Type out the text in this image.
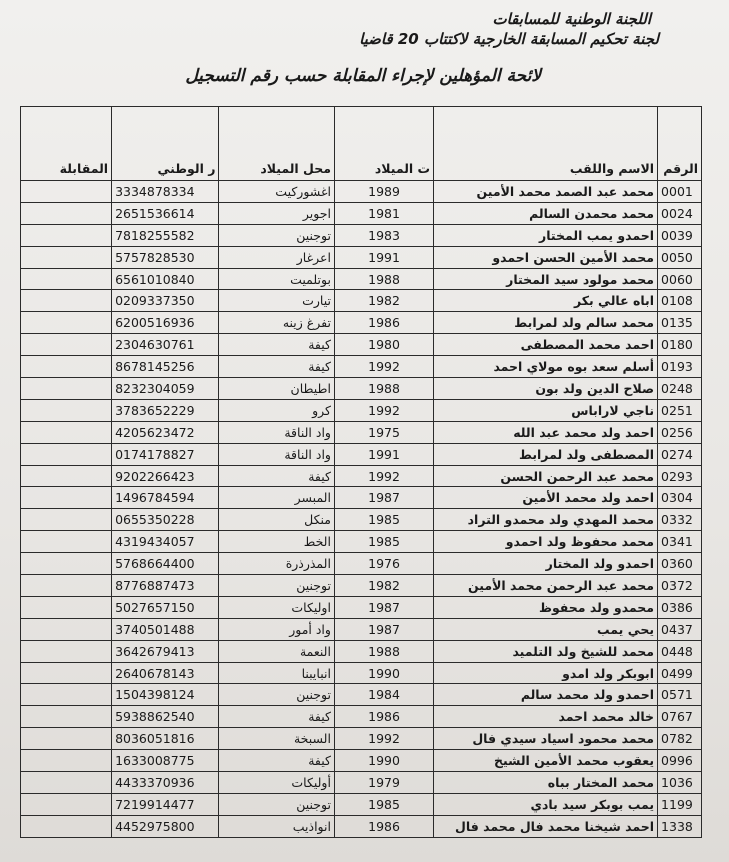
اللجنة الوطنية للمسابقات
لجنة تحكيم المسابقة الخارجية لاكتتاب 20 قاضيا
لائحة المؤهلين لإجراء المقابلة حسب رقم التسجيل
الرقم	الاسم واللقب	ت الميلاد	محل الميلاد	ر الوطني	المقابلة
0001	محمد عبد الصمد محمد الأمين	1989	اغشوركيت	3334878334	
0024	محمد محمدن السالم	1981	اجوير	2651536614	
0039	احمدو يمب المختار	1983	توجنين	7818255582	
0050	محمد الأمين الحسن احمدو	1991	اعرغار	5757828530	
0060	محمد مولود سيد المختار	1988	بوتلميت	6561010840	
0108	اباه عالي بكر	1982	تيارت	0209337350	
0135	محمد سالم ولد لمرابط	1986	تفرغ زينه	6200516936	
0180	احمد محمد المصطفى	1980	كيفة	2304630761	
0193	أسلم سعد بوه مولاي احمد	1992	كيفة	8678145256	
0248	صلاح الدين ولد بون	1988	اطيطان	8232304059	
0251	ناجي لاراباس	1992	كرو	3783652229	
0256	احمد ولد محمد عبد الله	1975	واد الناقة	4205623472	
0274	المصطفى ولد لمرابط	1991	واد الناقة	0174178827	
0293	محمد عبد الرحمن الحسن	1992	كيفة	9202266423	
0304	احمد ولد محمد الأمين	1987	المبسر	1496784594	
0332	محمد المهدي ولد محمدو التراد	1985	منكل	0655350228	
0341	محمد محفوظ ولد احمدو	1985	الخط	4319434057	
0360	احمدو ولد المختار	1976	المذرذرة	5768664400	
0372	محمد عبد الرحمن محمد الأمين	1982	توجنين	8776887473	
0386	محمدو ولد محفوظ	1987	اوليكات	5027657150	
0437	يحي يمب	1987	واد أمور	3740501488	
0448	محمد للشيخ ولد التلميد	1988	النعمة	3642679413	
0499	ابوبكر ولد امدو	1990	انبايبنا	2640678143	
0571	احمدو ولد محمد سالم	1984	توجنين	1504398124	
0767	خالد محمد احمد	1986	كيفة	5938862540	
0782	محمد محمود اسياد سيدي فال	1992	السبخة	8036051816	
0996	يعقوب محمد الأمين الشيخ	1990	كيفة	1633008775	
1036	محمد المختار بباه	1979	أوليكات	4433370936	
1199	يمب بوبكر سيد بادي	1985	توجنين	7219914477	
1338	احمد شيخنا محمد فال محمد فال	1986	انواذيب	4452975800	
